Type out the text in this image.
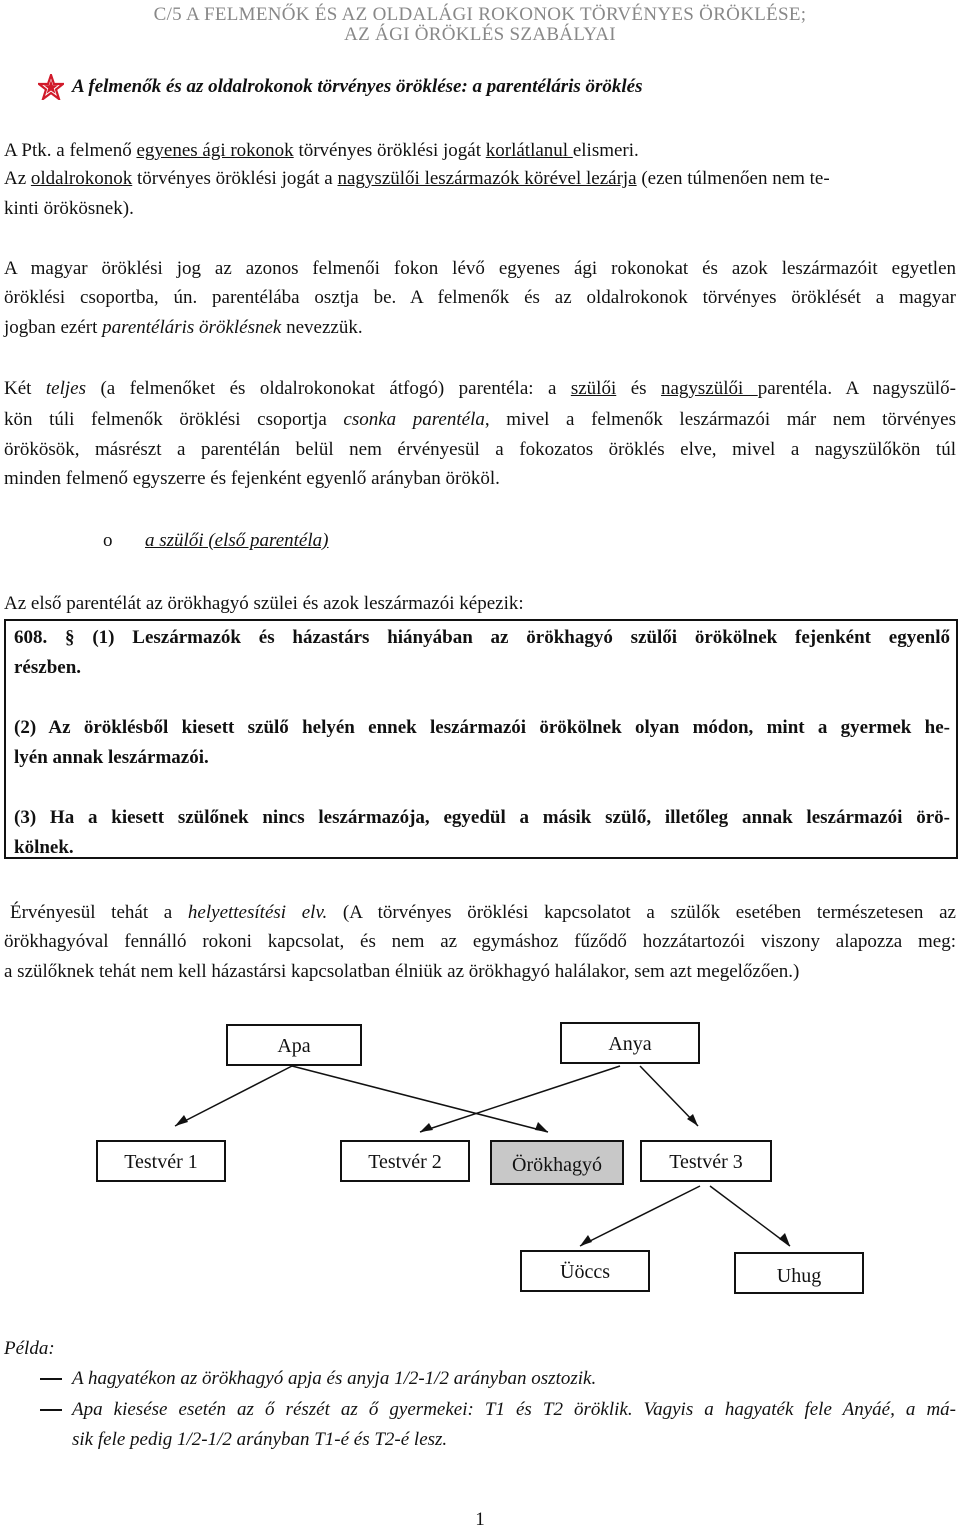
C/5 A FELMENŐK ÉS AZ OLDALÁGI ROKONOK TÖRVÉNYES ÖRÖKLÉSE;
AZ ÁGI ÖRÖKLÉS SZABÁLYAI
A felmenők és az oldalrokonok törvényes öröklése: a parentéláris öröklés
A Ptk. a felmenő egyenes ági rokonok törvényes öröklési jogát korlátlanul elismeri.
Az oldalrokonok törvényes öröklési jogát a nagyszülői leszármazók körével lezárja (ezen túlmenően nem te-
kinti örökösnek).
A magyar öröklési jog az azonos felmenői fokon lévő egyenes ági rokonokat és azok leszármazóit egyetlen
öröklési csoportba, ún. parentélába osztja be. A felmenők és az oldalrokonok törvényes öröklését a magyar
jogban ezért parentéláris öröklésnek nevezzük.
Két teljes (a felmenőket és oldalrokonokat átfogó) parentéla: a szülői és nagyszülői parentéla. A nagyszülő-
kön túli felmenők öröklési csoportja csonka parentéla, mivel a felmenők leszármazói már nem törvényes
örökösök, másrészt a parentélán belül nem érvényesül a fokozatos öröklés elve, mivel a nagyszülőkön túl
minden felmenő egyszerre és fejenként egyenlő arányban örököl.
o a szülői (első parentéla)
Az első parentélát az örökhagyó szülei és azok leszármazói képezik:
608. § (1) Leszármazók és házastárs hiányában az örökhagyó szülői örökölnek fejenként egyenlő
részben.
(2) Az öröklésből kiesett szülő helyén ennek leszármazói örökölnek olyan módon, mint a gyermek he-
lyén annak leszármazói.
(3) Ha a kiesett szülőnek nincs leszármazója, egyedül a másik szülő, illetőleg annak leszármazói örö-
kölnek.
Érvényesül tehát a helyettesítési elv. (A törvényes öröklési kapcsolatot a szülők esetében természetesen az
örökhagyóval fennálló rokoni kapcsolat, és nem az egymáshoz fűződő hozzátartozói viszony alapozza meg:
a szülőknek tehát nem kell házastársi kapcsolatban élniük az örökhagyó halálakor, sem azt megelőzően.)
Apa	Anya
Testvér 1	Testvér 2	Örökhagyó	Testvér 3
Üöccs	Uhug
Példa:
A hagyatékon az örökhagyó apja és anyja 1/2-1/2 arányban osztozik.
Apa kiesése esetén az ő részét az ő gyermekei: T1 és T2 öröklik. Vagyis a hagyaték fele Anyáé, a má-
sik fele pedig 1/2-1/2 arányban T1-é és T2-é lesz.
1
